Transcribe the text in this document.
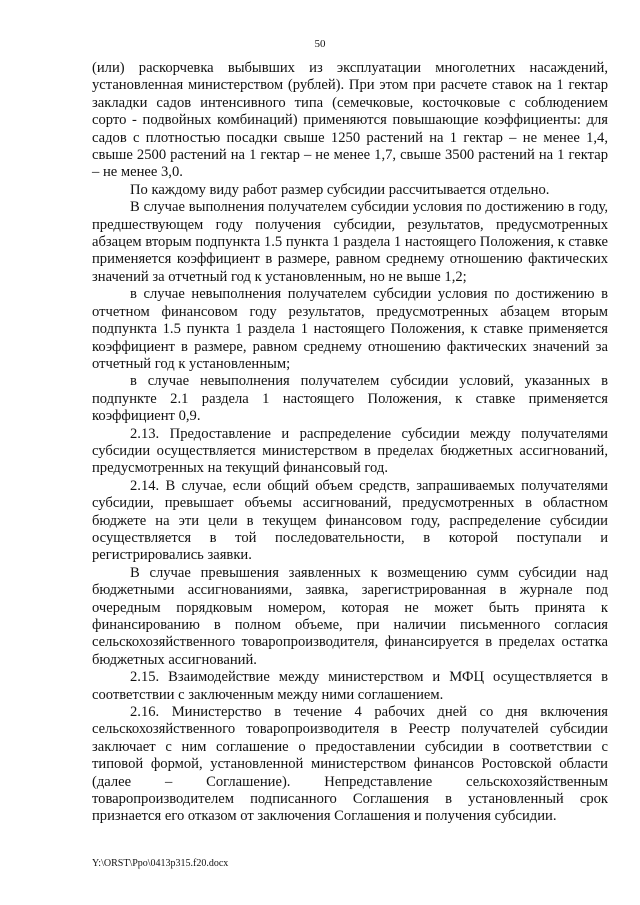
50

(или) раскорчевка выбывших из эксплуатации многолетних насаждений, установленная министерством (рублей). При этом при расчете ставок на 1 гектар закладки садов интенсивного типа (семечковые, косточковые с соблюдением сорто - подвойных комбинаций) применяются повышающие коэффициенты: для садов с плотностью посадки свыше 1250 растений на 1 гектар – не менее 1,4, свыше 2500 растений на 1 гектар – не менее 1,7, свыше 3500 растений на 1 гектар – не менее 3,0.

По каждому виду работ размер субсидии рассчитывается отдельно.

В случае выполнения получателем субсидии условия по достижению в году, предшествующем году получения субсидии, результатов, предусмотренных абзацем вторым подпункта 1.5 пункта 1 раздела 1 настоящего Положения, к ставке применяется коэффициент в размере, равном среднему отношению фактических значений за отчетный год к установленным, но не выше 1,2;

в случае невыполнения получателем субсидии условия по достижению в отчетном финансовом году результатов, предусмотренных абзацем вторым подпункта 1.5 пункта 1 раздела 1 настоящего Положения, к ставке применяется коэффициент в размере, равном среднему отношению фактических значений за отчетный год к установленным;

в случае невыполнения получателем субсидии условий, указанных в подпункте 2.1 раздела 1 настоящего Положения, к ставке применяется коэффициент 0,9.

2.13. Предоставление и распределение субсидии между получателями субсидии осуществляется министерством в пределах бюджетных ассигнований, предусмотренных на текущий финансовый год.

2.14. В случае, если общий объем средств, запрашиваемых получателями субсидии, превышает объемы ассигнований, предусмотренных в областном бюджете на эти цели в текущем финансовом году, распределение субсидии осуществляется в той последовательности, в которой поступали и регистрировались заявки.

В случае превышения заявленных к возмещению сумм субсидии над бюджетными ассигнованиями, заявка, зарегистрированная в журнале под очередным порядковым номером, которая не может быть принята к финансированию в полном объеме, при наличии письменного согласия сельскохозяйственного товаропроизводителя, финансируется в пределах остатка бюджетных ассигнований.

2.15. Взаимодействие между министерством и МФЦ осуществляется в соответствии с заключенным между ними соглашением.

2.16. Министерство в течение 4 рабочих дней со дня включения сельскохозяйственного товаропроизводителя в Реестр получателей субсидии заключает с ним соглашение о предоставлении субсидии в соответствии с типовой формой, установленной министерством финансов Ростовской области (далее – Соглашение). Непредставление сельскохозяйственным товаропроизводителем подписанного Соглашения в установленный срок признается его отказом от заключения Соглашения и получения субсидии.

Y:\ORST\Ppo\0413p315.f20.docx
